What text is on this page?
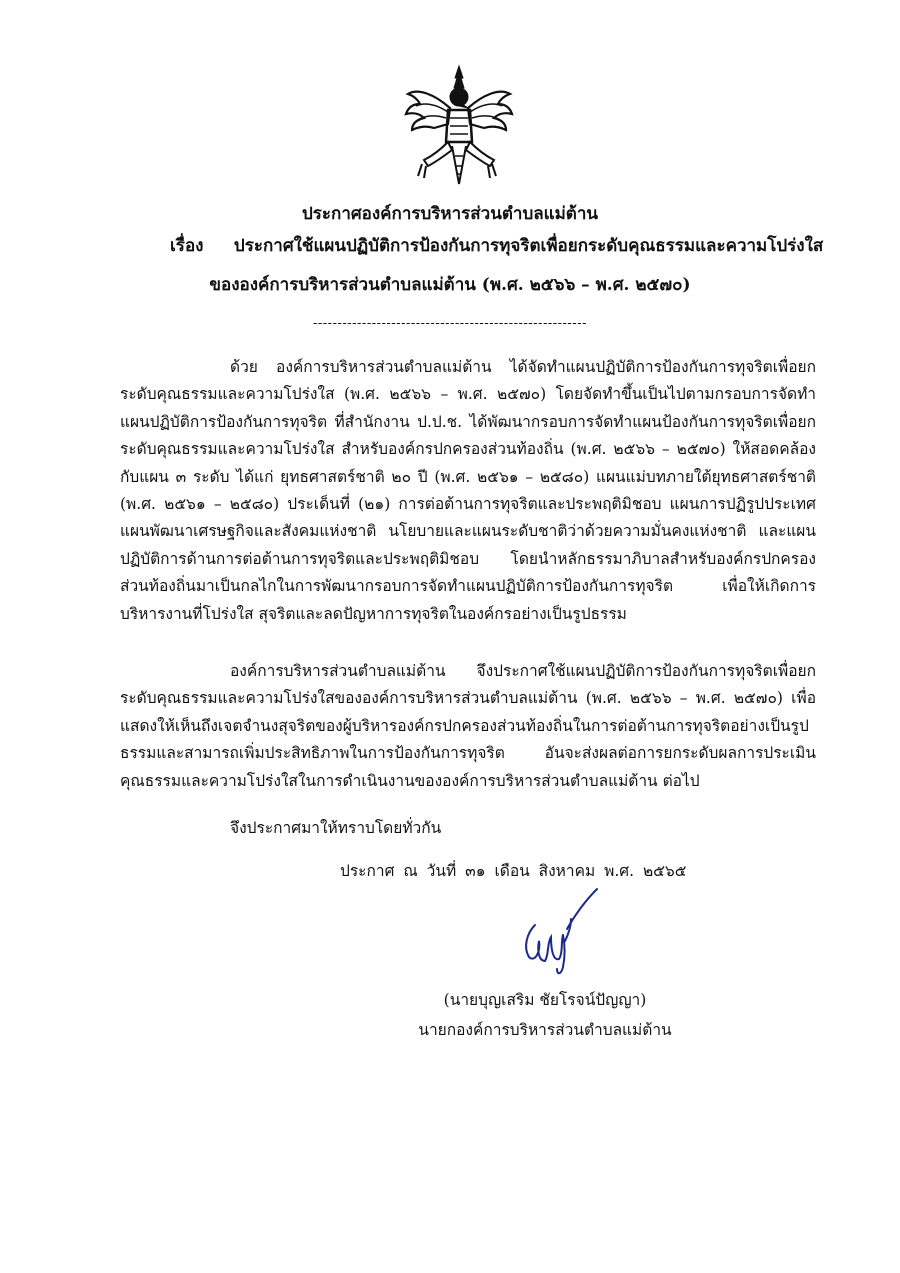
ประกาศองค์การบริหารส่วนตำบลแม่ต้าน
เรื่อง ประกาศใช้แผนปฏิบัติการป้องกันการทุจริตเพื่อยกระดับคุณธรรมและความโปร่งใส
ขององค์การบริหารส่วนตำบลแม่ต้าน (พ.ศ. ๒๕๖๖ – พ.ศ. ๒๕๗๐)
--------------------------------------------------------

ด้วย องค์การบริหารส่วนตำบลแม่ต้าน ได้จัดทำแผนปฏิบัติการป้องกันการทุจริตเพื่อยกระดับคุณธรรมและความโปร่งใส (พ.ศ. ๒๕๖๖ – พ.ศ. ๒๕๗๐) โดยจัดทำขึ้นเป็นไปตามกรอบการจัดทำแผนปฏิบัติการป้องกันการทุจริต ที่สำนักงาน ป.ป.ช. ได้พัฒนากรอบการจัดทำแผนป้องกันการทุจริตเพื่อยกระดับคุณธรรมและความโปร่งใส สำหรับองค์กรปกครองส่วนท้องถิ่น (พ.ศ. ๒๕๖๖ – ๒๕๗๐) ให้สอดคล้องกับแผน ๓ ระดับ ได้แก่ ยุทธศาสตร์ชาติ ๒๐ ปี (พ.ศ. ๒๕๖๑ – ๒๕๘๐) แผนแม่บทภายใต้ยุทธศาสตร์ชาติ (พ.ศ. ๒๕๖๑ – ๒๕๘๐) ประเด็นที่ (๒๑) การต่อต้านการทุจริตและประพฤติมิชอบ แผนการปฏิรูปประเทศ แผนพัฒนาเศรษฐกิจและสังคมแห่งชาติ นโยบายและแผนระดับชาติว่าด้วยความมั่นคงแห่งชาติ และแผนปฏิบัติการด้านการต่อต้านการทุจริตและประพฤติมิชอบ โดยนำหลักธรรมาภิบาลสำหรับองค์กรปกครองส่วนท้องถิ่นมาเป็นกลไกในการพัฒนากรอบการจัดทำแผนปฏิบัติการป้องกันการทุจริต เพื่อให้เกิดการบริหารงานที่โปร่งใส สุจริตและลดปัญหาการทุจริตในองค์กรอย่างเป็นรูปธรรม

องค์การบริหารส่วนตำบลแม่ต้าน จึงประกาศใช้แผนปฏิบัติการป้องกันการทุจริตเพื่อยกระดับคุณธรรมและความโปร่งใสขององค์การบริหารส่วนตำบลแม่ต้าน (พ.ศ. ๒๕๖๖ – พ.ศ. ๒๕๗๐) เพื่อแสดงให้เห็นถึงเจตจำนงสุจริตของผู้บริหารองค์กรปกครองส่วนท้องถิ่นในการต่อต้านการทุจริตอย่างเป็นรูปธรรมและสามารถเพิ่มประสิทธิภาพในการป้องกันการทุจริต อันจะส่งผลต่อการยกระดับผลการประเมินคุณธรรมและความโปร่งใสในการดำเนินงานขององค์การบริหารส่วนตำบลแม่ต้าน ต่อไป

จึงประกาศมาให้ทราบโดยทั่วกัน
ประกาศ ณ วันที่ ๓๑ เดือน สิงหาคม พ.ศ. ๒๕๖๕
(นายบุญเสริม ชัยโรจน์ปัญญา)
นายกองค์การบริหารส่วนตำบลแม่ต้าน
